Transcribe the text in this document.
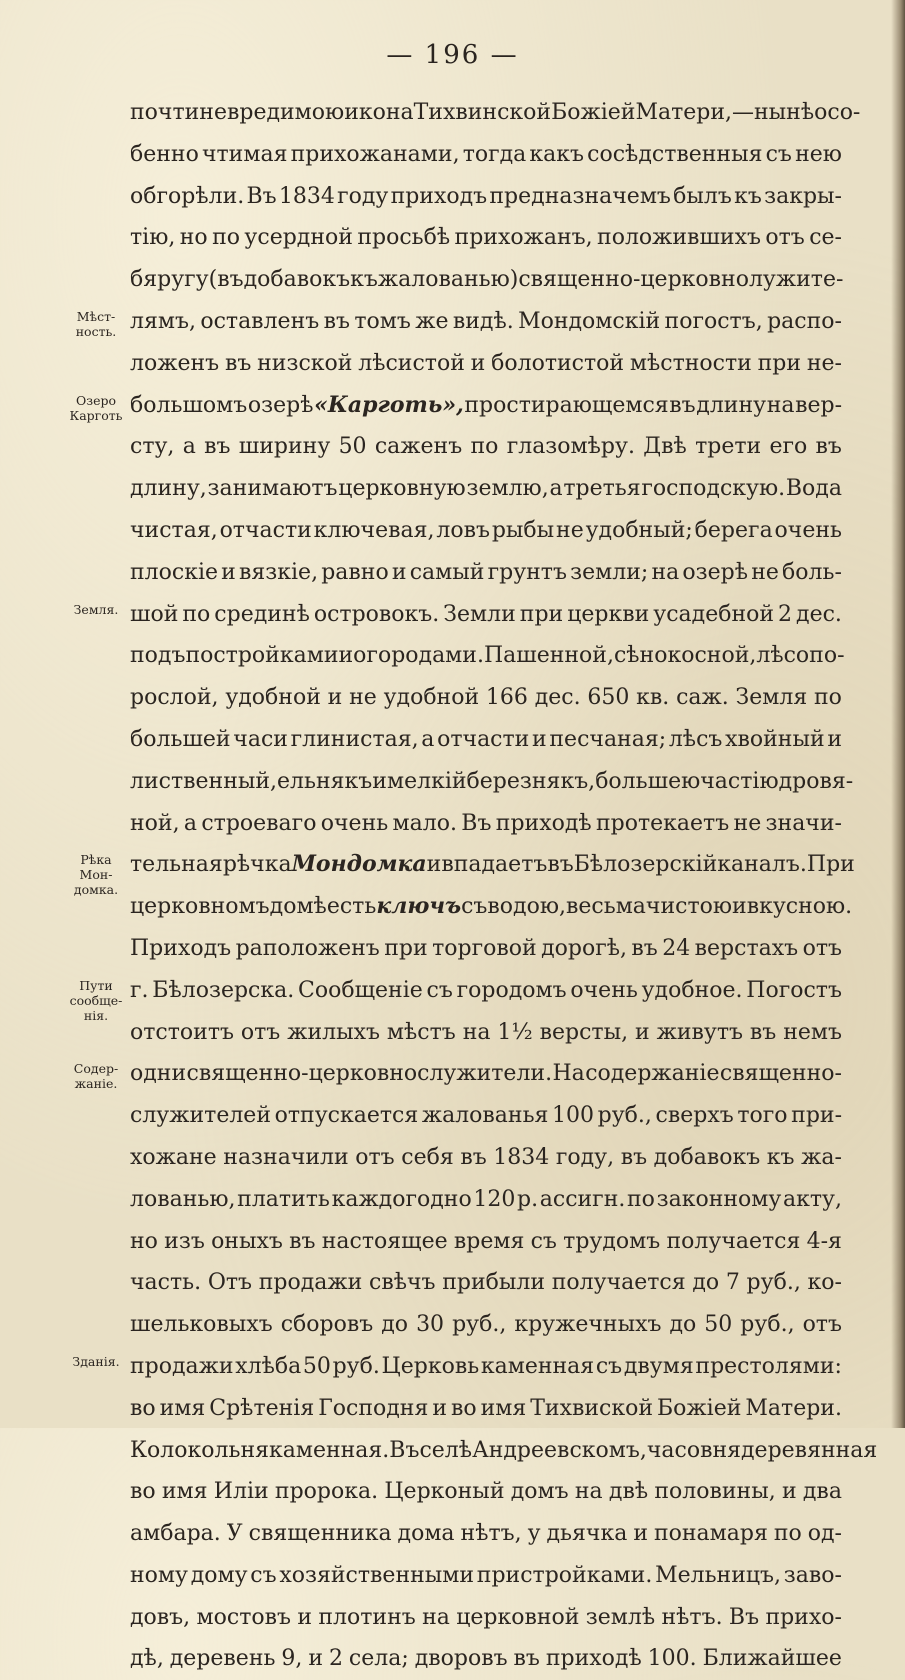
— 196 —
почти невредимою икона Тихвинской Божіей Матери,—нынѣ осо-
бенно чтимая прихожанами, тогда какъ сосѣдственныя съ нею
обгорѣли. Въ 1834 году приходъ предназначемъ былъ къ закры-
тію, но по усердной просьбѣ прихожанъ, положившихъ отъ се-
бя ругу (въ добавокъ къ жалованью) священно-церковнолужите-
лямъ, оставленъ въ томъ же видѣ. Мондомскій погостъ, распо-
ложенъ въ низской лѣсистой и болотистой мѣстности при не-
большомъ озерѣ «Карготь», простирающемся въ длину на вер-
сту, а въ ширину 50 саженъ по глазомѣру. Двѣ трети его въ
длину, занимаютъ церковную землю, а третья господскую. Вода
чистая, отчасти ключевая, ловъ рыбы не удобный; берега очень
плоскіе и вязкіе, равно и самый грунтъ земли; на озерѣ не боль-
шой по срединѣ островокъ. Земли при церкви усадебной 2 дес.
подъ постройками и огородами. Пашенной, сѣнокосной, лѣсопо-
рослой, удобной и не удобной 166 дес. 650 кв. саж. Земля по
большей часи глинистая, а отчасти и песчаная; лѣсъ хвойный и
лиственный, ельнякъ и мелкій березнякъ, большею частію дровя-
ной, а строеваго очень мало. Въ приходѣ протекаетъ не значи-
тельная рѣчка Мондомка и впадаетъ въ Бѣлозерскій каналъ. При
церковномъ домѣ есть ключъ съ водою, весьма чистою и вкусною.
Приходъ раположенъ при торговой дорогѣ, въ 24 верстахъ отъ
г. Бѣлозерска. Сообщеніе съ городомъ очень удобное. Погостъ
отстоитъ отъ жилыхъ мѣстъ на 1½ версты, и живутъ въ немъ
одни священно-церковнослужители. На содержаніе священно-
служителей отпускается жалованья 100 руб., сверхъ того при-
хожане назначили отъ себя въ 1834 году, въ добавокъ къ жа-
лованью, платить каждогодно 120 р. ассигн. по законному акту,
но изъ оныхъ въ настоящее время съ трудомъ получается 4-я
часть. Отъ продажи свѣчъ прибыли получается до 7 руб., ко-
шельковыхъ сборовъ до 30 руб., кружечныхъ до 50 руб., отъ
продажи хлѣба 50 руб. Церковь каменная съ двумя престолями:
во имя Срѣтенія Господня и во имя Тихвиской Божіей Матери.
Колокольня каменная. Въ селѣ Андреевскомъ, часовня деревянная
во имя Иліи пророка. Церконый домъ на двѣ половины, и два
амбара. У священника дома нѣтъ, у дьячка и понамаря по од-
ному дому съ хозяйственными пристройками. Мельницъ, заво-
довъ, мостовъ и плотинъ на церковной землѣ нѣтъ. Въ прихо-
дѣ, деревень 9, и 2 села; дворовъ въ приходѣ 100. Ближайшее
Мѣст-
ность.
Озеро
Карготь
Земля.
Рѣка
Мон-
домка.
Пути
сообще-
нія.
Содер-
жаніе.
Зданія.
